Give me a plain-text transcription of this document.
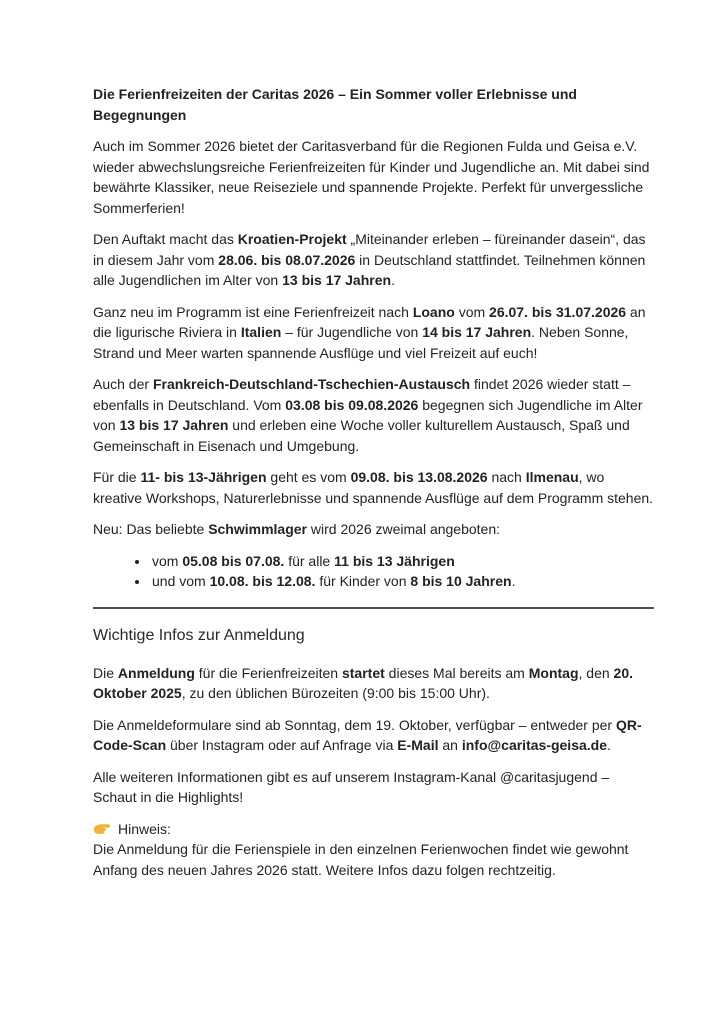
Die Ferienfreizeiten der Caritas 2026 – Ein Sommer voller Erlebnisse und Begegnungen

Auch im Sommer 2026 bietet der Caritasverband für die Regionen Fulda und Geisa e.V. wieder abwechslungsreiche Ferienfreizeiten für Kinder und Jugendliche an. Mit dabei sind bewährte Klassiker, neue Reiseziele und spannende Projekte. Perfekt für unvergessliche Sommerferien!

Den Auftakt macht das Kroatien-Projekt „Miteinander erleben – füreinander dasein“, das in diesem Jahr vom 28.06. bis 08.07.2026 in Deutschland stattfindet. Teilnehmen können alle Jugendlichen im Alter von 13 bis 17 Jahren.

Ganz neu im Programm ist eine Ferienfreizeit nach Loano vom 26.07. bis 31.07.2026 an die ligurische Riviera in Italien – für Jugendliche von 14 bis 17 Jahren. Neben Sonne, Strand und Meer warten spannende Ausflüge und viel Freizeit auf euch!

Auch der Frankreich-Deutschland-Tschechien-Austausch findet 2026 wieder statt – ebenfalls in Deutschland. Vom 03.08 bis 09.08.2026 begegnen sich Jugendliche im Alter von 13 bis 17 Jahren und erleben eine Woche voller kulturellem Austausch, Spaß und Gemeinschaft in Eisenach und Umgebung.

Für die 11- bis 13-Jährigen geht es vom 09.08. bis 13.08.2026 nach Ilmenau, wo kreative Workshops, Naturerlebnisse und spannende Ausflüge auf dem Programm stehen.

Neu: Das beliebte Schwimmlager wird 2026 zweimal angeboten:

• vom 05.08 bis 07.08. für alle 11 bis 13 Jährigen
• und vom 10.08. bis 12.08. für Kinder von 8 bis 10 Jahren.
Wichtige Infos zur Anmeldung

Die Anmeldung für die Ferienfreizeiten startet dieses Mal bereits am Montag, den 20. Oktober 2025, zu den üblichen Bürozeiten (9:00 bis 15:00 Uhr).

Die Anmeldeformulare sind ab Sonntag, dem 19. Oktober, verfügbar – entweder per QR-Code-Scan über Instagram oder auf Anfrage via E-Mail an info@caritas-geisa.de.

Alle weiteren Informationen gibt es auf unserem Instagram-Kanal @caritasjugend – Schaut in die Highlights!

Hinweis:

Die Anmeldung für die Ferienspiele in den einzelnen Ferienwochen findet wie gewohnt Anfang des neuen Jahres 2026 statt. Weitere Infos dazu folgen rechtzeitig.
